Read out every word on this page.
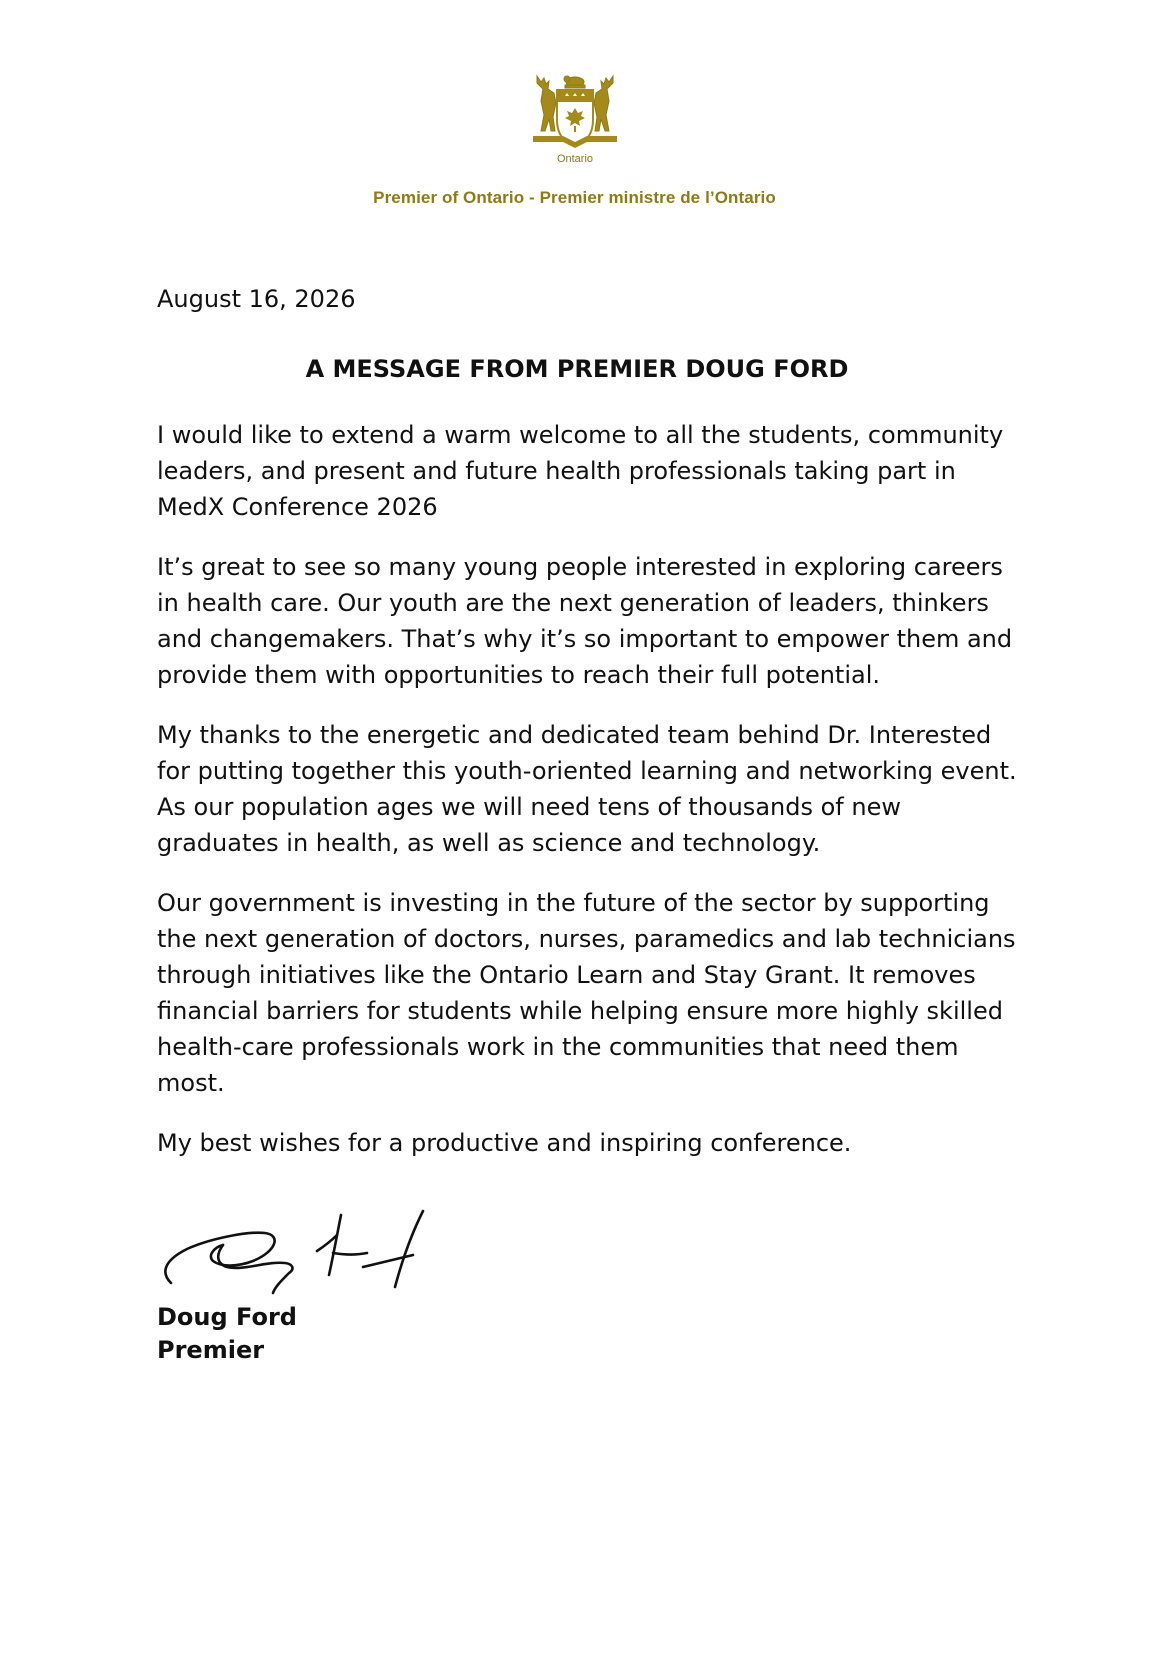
Ontario
Premier of Ontario - Premier ministre de l’Ontario

August 16, 2026

A MESSAGE FROM PREMIER DOUG FORD

I would like to extend a warm welcome to all the students, community leaders, and present and future health professionals taking part in MedX Conference 2026

It’s great to see so many young people interested in exploring careers in health care. Our youth are the next generation of leaders, thinkers and changemakers. That’s why it’s so important to empower them and provide them with opportunities to reach their full potential.

My thanks to the energetic and dedicated team behind Dr. Interested for putting together this youth-oriented learning and networking event. As our population ages we will need tens of thousands of new graduates in health, as well as science and technology.

Our government is investing in the future of the sector by supporting the next generation of doctors, nurses, paramedics and lab technicians through initiatives like the Ontario Learn and Stay Grant. It removes financial barriers for students while helping ensure more highly skilled health-care professionals work in the communities that need them most.

My best wishes for a productive and inspiring conference.

Doug Ford

Premier
